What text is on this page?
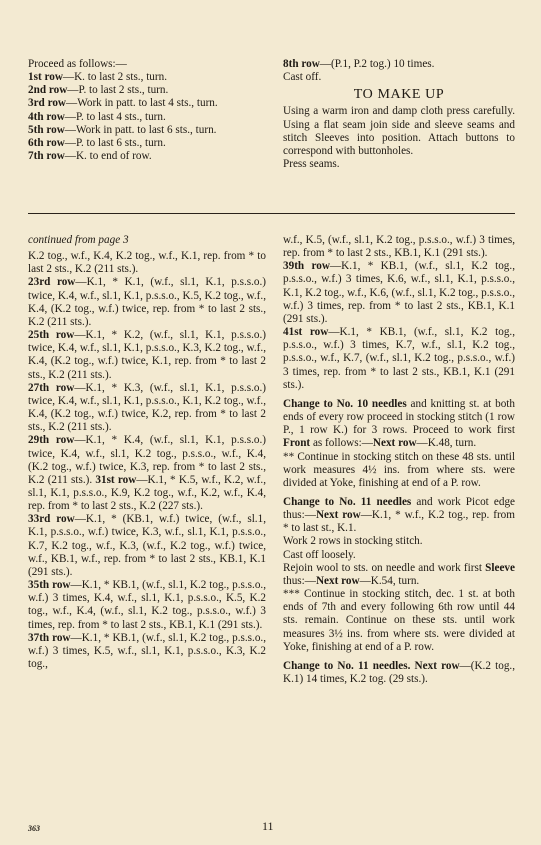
Proceed as follows:—

1st row—K. to last 2 sts., turn.

2nd row—P. to last 2 sts., turn.

3rd row—Work in patt. to last 4 sts., turn.

4th row—P. to last 4 sts., turn.

5th row—Work in patt. to last 6 sts., turn.

6th row—P. to last 6 sts., turn.

7th row—K. to end of row.

8th row—(P.1, P.2 tog.) 10 times.

Cast off.

TO MAKE UP

Using a warm iron and damp cloth press carefully. Using a flat seam join side and sleeve seams and stitch Sleeves into position. Attach buttons to correspond with buttonholes.

Press seams.

continued from page 3

K.2 tog., w.f., K.4, K.2 tog., w.f., K.1, rep. from * to last 2 sts., K.2 (211 sts.).

23rd row—K.1, * K.1, (w.f., sl.1, K.1, p.s.s.o.) twice, K.4, w.f., sl.1, K.1, p.s.s.o., K.5, K.2 tog., w.f., K.4, (K.2 tog., w.f.) twice, rep. from * to last 2 sts., K.2 (211 sts.).

25th row—K.1, * K.2, (w.f., sl.1, K.1, p.s.s.o.) twice, K.4, w.f., sl.1, K.1, p.s.s.o., K.3, K.2 tog., w.f., K.4, (K.2 tog., w.f.) twice, K.1, rep. from * to last 2 sts., K.2 (211 sts.).

27th row—K.1, * K.3, (w.f., sl.1, K.1, p.s.s.o.) twice, K.4, w.f., sl.1, K.1, p.s.s.o., K.1, K.2 tog., w.f., K.4, (K.2 tog., w.f.) twice, K.2, rep. from * to last 2 sts., K.2 (211 sts.).

29th row—K.1, * K.4, (w.f., sl.1, K.1, p.s.s.o.) twice, K.4, w.f., sl.1, K.2 tog., p.s.s.o., w.f., K.4, (K.2 tog., w.f.) twice, K.3, rep. from * to last 2 sts., K.2 (211 sts.). 31st row—K.1, * K.5, w.f., K.2, w.f., sl.1, K.1, p.s.s.o., K.9, K.2 tog., w.f., K.2, w.f., K.4, rep. from * to last 2 sts., K.2 (227 sts.).

33rd row—K.1, * (KB.1, w.f.) twice, (w.f., sl.1, K.1, p.s.s.o., w.f.) twice, K.3, w.f., sl.1, K.1, p.s.s.o., K.7, K.2 tog., w.f., K.3, (w.f., K.2 tog., w.f.) twice, w.f., KB.1, w.f., rep. from * to last 2 sts., KB.1, K.1 (291 sts.).

35th row—K.1, * KB.1, (w.f., sl.1, K.2 tog., p.s.s.o., w.f.) 3 times, K.4, w.f., sl.1, K.1, p.s.s.o., K.5, K.2 tog., w.f., K.4, (w.f., sl.1, K.2 tog., p.s.s.o., w.f.) 3 times, rep. from * to last 2 sts., KB.1, K.1 (291 sts.).

37th row—K.1, * KB.1, (w.f., sl.1, K.2 tog., p.s.s.o., w.f.) 3 times, K.5, w.f., sl.1, K.1, p.s.s.o., K.3, K.2 tog.,

w.f., K.5, (w.f., sl.1, K.2 tog., p.s.s.o., w.f.) 3 times, rep. from * to last 2 sts., KB.1, K.1 (291 sts.).

39th row—K.1, * KB.1, (w.f., sl.1, K.2 tog., p.s.s.o., w.f.) 3 times, K.6, w.f., sl.1, K.1, p.s.s.o., K.1, K.2 tog., w.f., K.6, (w.f., sl.1, K.2 tog., p.s.s.o., w.f.) 3 times, rep. from * to last 2 sts., KB.1, K.1 (291 sts.).

41st row—K.1, * KB.1, (w.f., sl.1, K.2 tog., p.s.s.o., w.f.) 3 times, K.7, w.f., sl.1, K.2 tog., p.s.s.o., w.f., K.7, (w.f., sl.1, K.2 tog., p.s.s.o., w.f.) 3 times, rep. from * to last 2 sts., KB.1, K.1 (291 sts.).

Change to No. 10 needles and knitting st. at both ends of every row proceed in stocking stitch (1 row P., 1 row K.) for 3 rows. Proceed to work first Front as follows:—Next row—K.48, turn.

** Continue in stocking stitch on these 48 sts. until work measures 4½ ins. from where sts. were divided at Yoke, finishing at end of a P. row.

Change to No. 11 needles and work Picot edge thus:—Next row—K.1, * w.f., K.2 tog., rep. from * to last st., K.1.

Work 2 rows in stocking stitch.

Cast off loosely.

Rejoin wool to sts. on needle and work first Sleeve thus:—Next row—K.54, turn.

*** Continue in stocking stitch, dec. 1 st. at both ends of 7th and every following 6th row until 44 sts. remain. Continue on these sts. until work measures 3½ ins. from where sts. were divided at Yoke, finishing at end of a P. row.

Change to No. 11 needles. Next row—(K.2 tog., K.1) 14 times, K.2 tog. (29 sts.).

363	11
